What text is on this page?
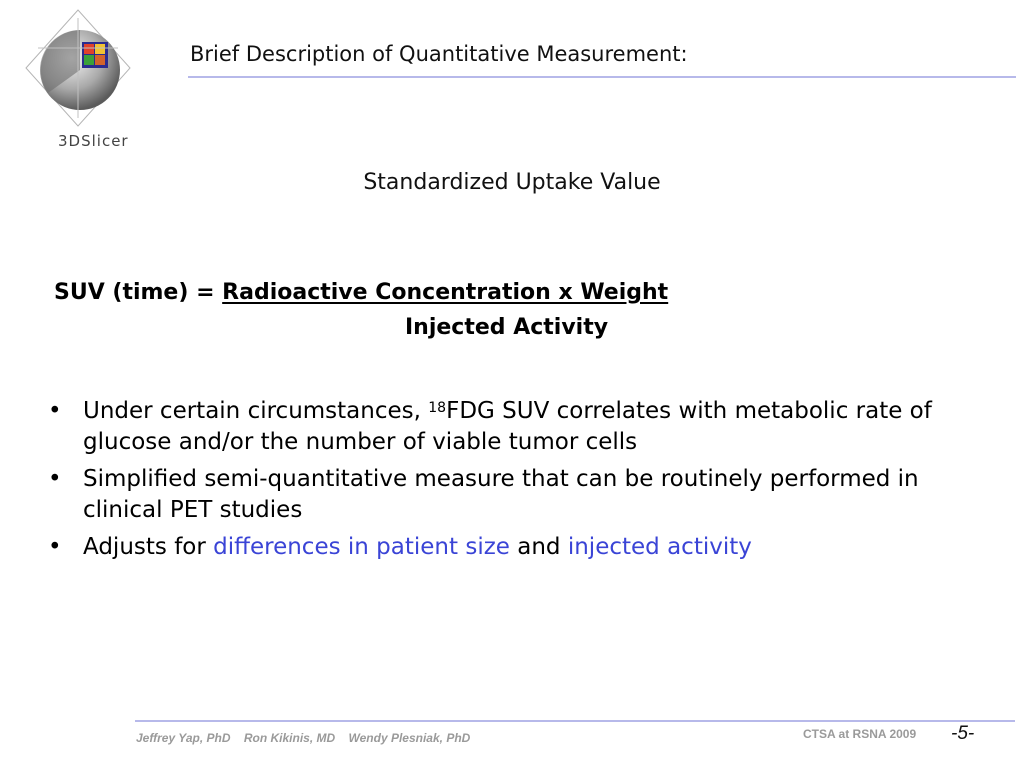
3DSlicer
Brief Description of Quantitative Measurement:
Standardized Uptake Value
SUV (time) = Radioactive Concentration x Weight
Injected Activity
• Under certain circumstances, $^{18}$FDG SUV correlates with metabolic rate of glucose and/or the number of viable tumor cells
• Simplified semi-quantitative measure that can be routinely performed in clinical PET studies
• Adjusts for differences in patient size and injected activity
Jeffrey Yap, PhD    Ron Kikinis, MD    Wendy Plesniak, PhD	CTSA at RSNA 2009 -5-
